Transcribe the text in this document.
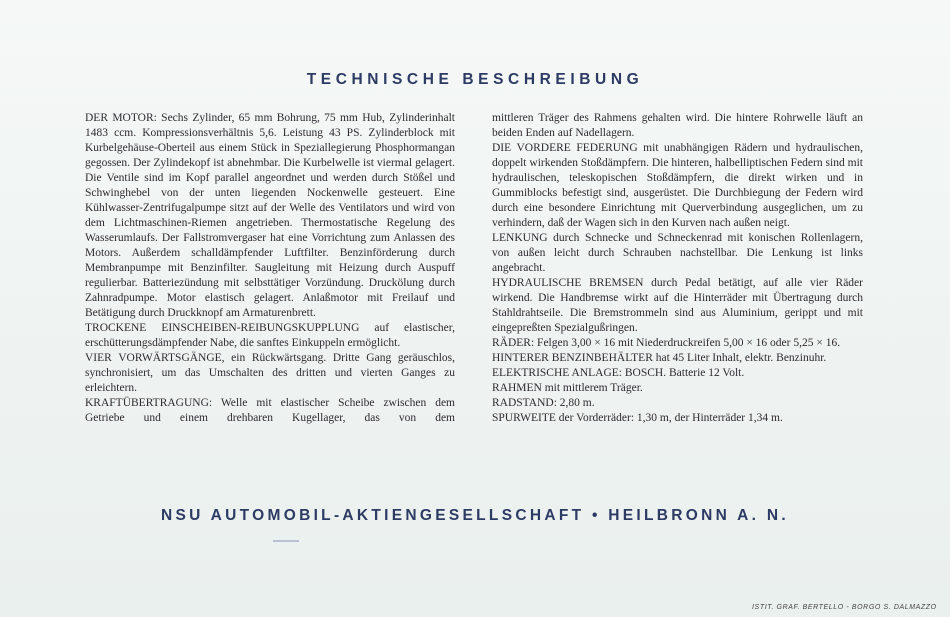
TECHNISCHE BESCHREIBUNG

DER MOTOR: Sechs Zylinder, 65 mm Bohrung, 75 mm Hub, Zylinderinhalt 1483 ccm. Kompressionsverhältnis 5,6. Leistung 43 PS. Zylinderblock mit Kurbelgehäuse-Oberteil aus einem Stück in Speziallegierung Phosphormangan gegossen. Der Zylindekopf ist abnehmbar. Die Kurbelwelle ist viermal gelagert. Die Ventile sind im Kopf parallel angeordnet und werden durch Stößel und Schwinghebel von der unten liegenden Nockenwelle gesteuert. Eine Kühlwasser-Zentrifugalpumpe sitzt auf der Welle des Ventilators und wird von dem Lichtmaschinen-Riemen angetrieben. Thermostatische Regelung des Wasserumlaufs. Der Fallstromvergaser hat eine Vorrichtung zum Anlassen des Motors. Außerdem schalldämpfender Luftfilter. Benzinförderung durch Membranpumpe mit Benzinfilter. Saugleitung mit Heizung durch Auspuff regulierbar. Batteriezündung mit selbsttätiger Vorzündung. Druckölung durch Zahnradpumpe. Motor elastisch gelagert. Anlaßmotor mit Freilauf und Betätigung durch Druckknopf am Armaturenbrett.

TROCKENE EINSCHEIBEN-REIBUNGSKUPPLUNG auf elastischer, erschütterungsdämpfender Nabe, die sanftes Einkuppeln ermöglicht.

VIER VORWÄRTSGÄNGE, ein Rückwärtsgang. Dritte Gang geräuschlos, synchronisiert, um das Umschalten des dritten und vierten Ganges zu erleichtern.

KRAFTÜBERTRAGUNG: Welle mit elastischer Scheibe zwischen dem Getriebe und einem drehbaren Kugellager, das von dem

mittleren Träger des Rahmens gehalten wird. Die hintere Rohrwelle läuft an beiden Enden auf Nadellagern.

DIE VORDERE FEDERUNG mit unabhängigen Rädern und hydraulischen, doppelt wirkenden Stoßdämpfern. Die hinteren, halbelliptischen Federn sind mit hydraulischen, teleskopischen Stoßdämpfern, die direkt wirken und in Gummiblocks befestigt sind, ausgerüstet. Die Durchbiegung der Federn wird durch eine besondere Einrichtung mit Querverbindung ausgeglichen, um zu verhindern, daß der Wagen sich in den Kurven nach außen neigt.

LENKUNG durch Schnecke und Schneckenrad mit konischen Rollenlagern, von außen leicht durch Schrauben nachstellbar. Die Lenkung ist links angebracht.

HYDRAULISCHE BREMSEN durch Pedal betätigt, auf alle vier Räder wirkend. Die Handbremse wirkt auf die Hinterräder mit Übertragung durch Stahldrahtseile. Die Bremstrommeln sind aus Aluminium, gerippt und mit eingepreßten Spezialgußringen.

RÄDER: Felgen 3,00 × 16 mit Niederdruckreifen 5,00 × 16 oder 5,25 × 16.

HINTERER BENZINBEHÄLTER hat 45 Liter Inhalt, elektr. Benzinuhr.

ELEKTRISCHE ANLAGE: BOSCH. Batterie 12 Volt.

RAHMEN mit mittlerem Träger.

RADSTAND: 2,80 m.

SPURWEITE der Vorderräder: 1,30 m, der Hinterräder 1,34 m.

NSU AUTOMOBIL-AKTIENGESELLSCHAFT • HEILBRONN A. N.
ISTIT. GRAF. BERTELLO - BORGO S. DALMAZZO
